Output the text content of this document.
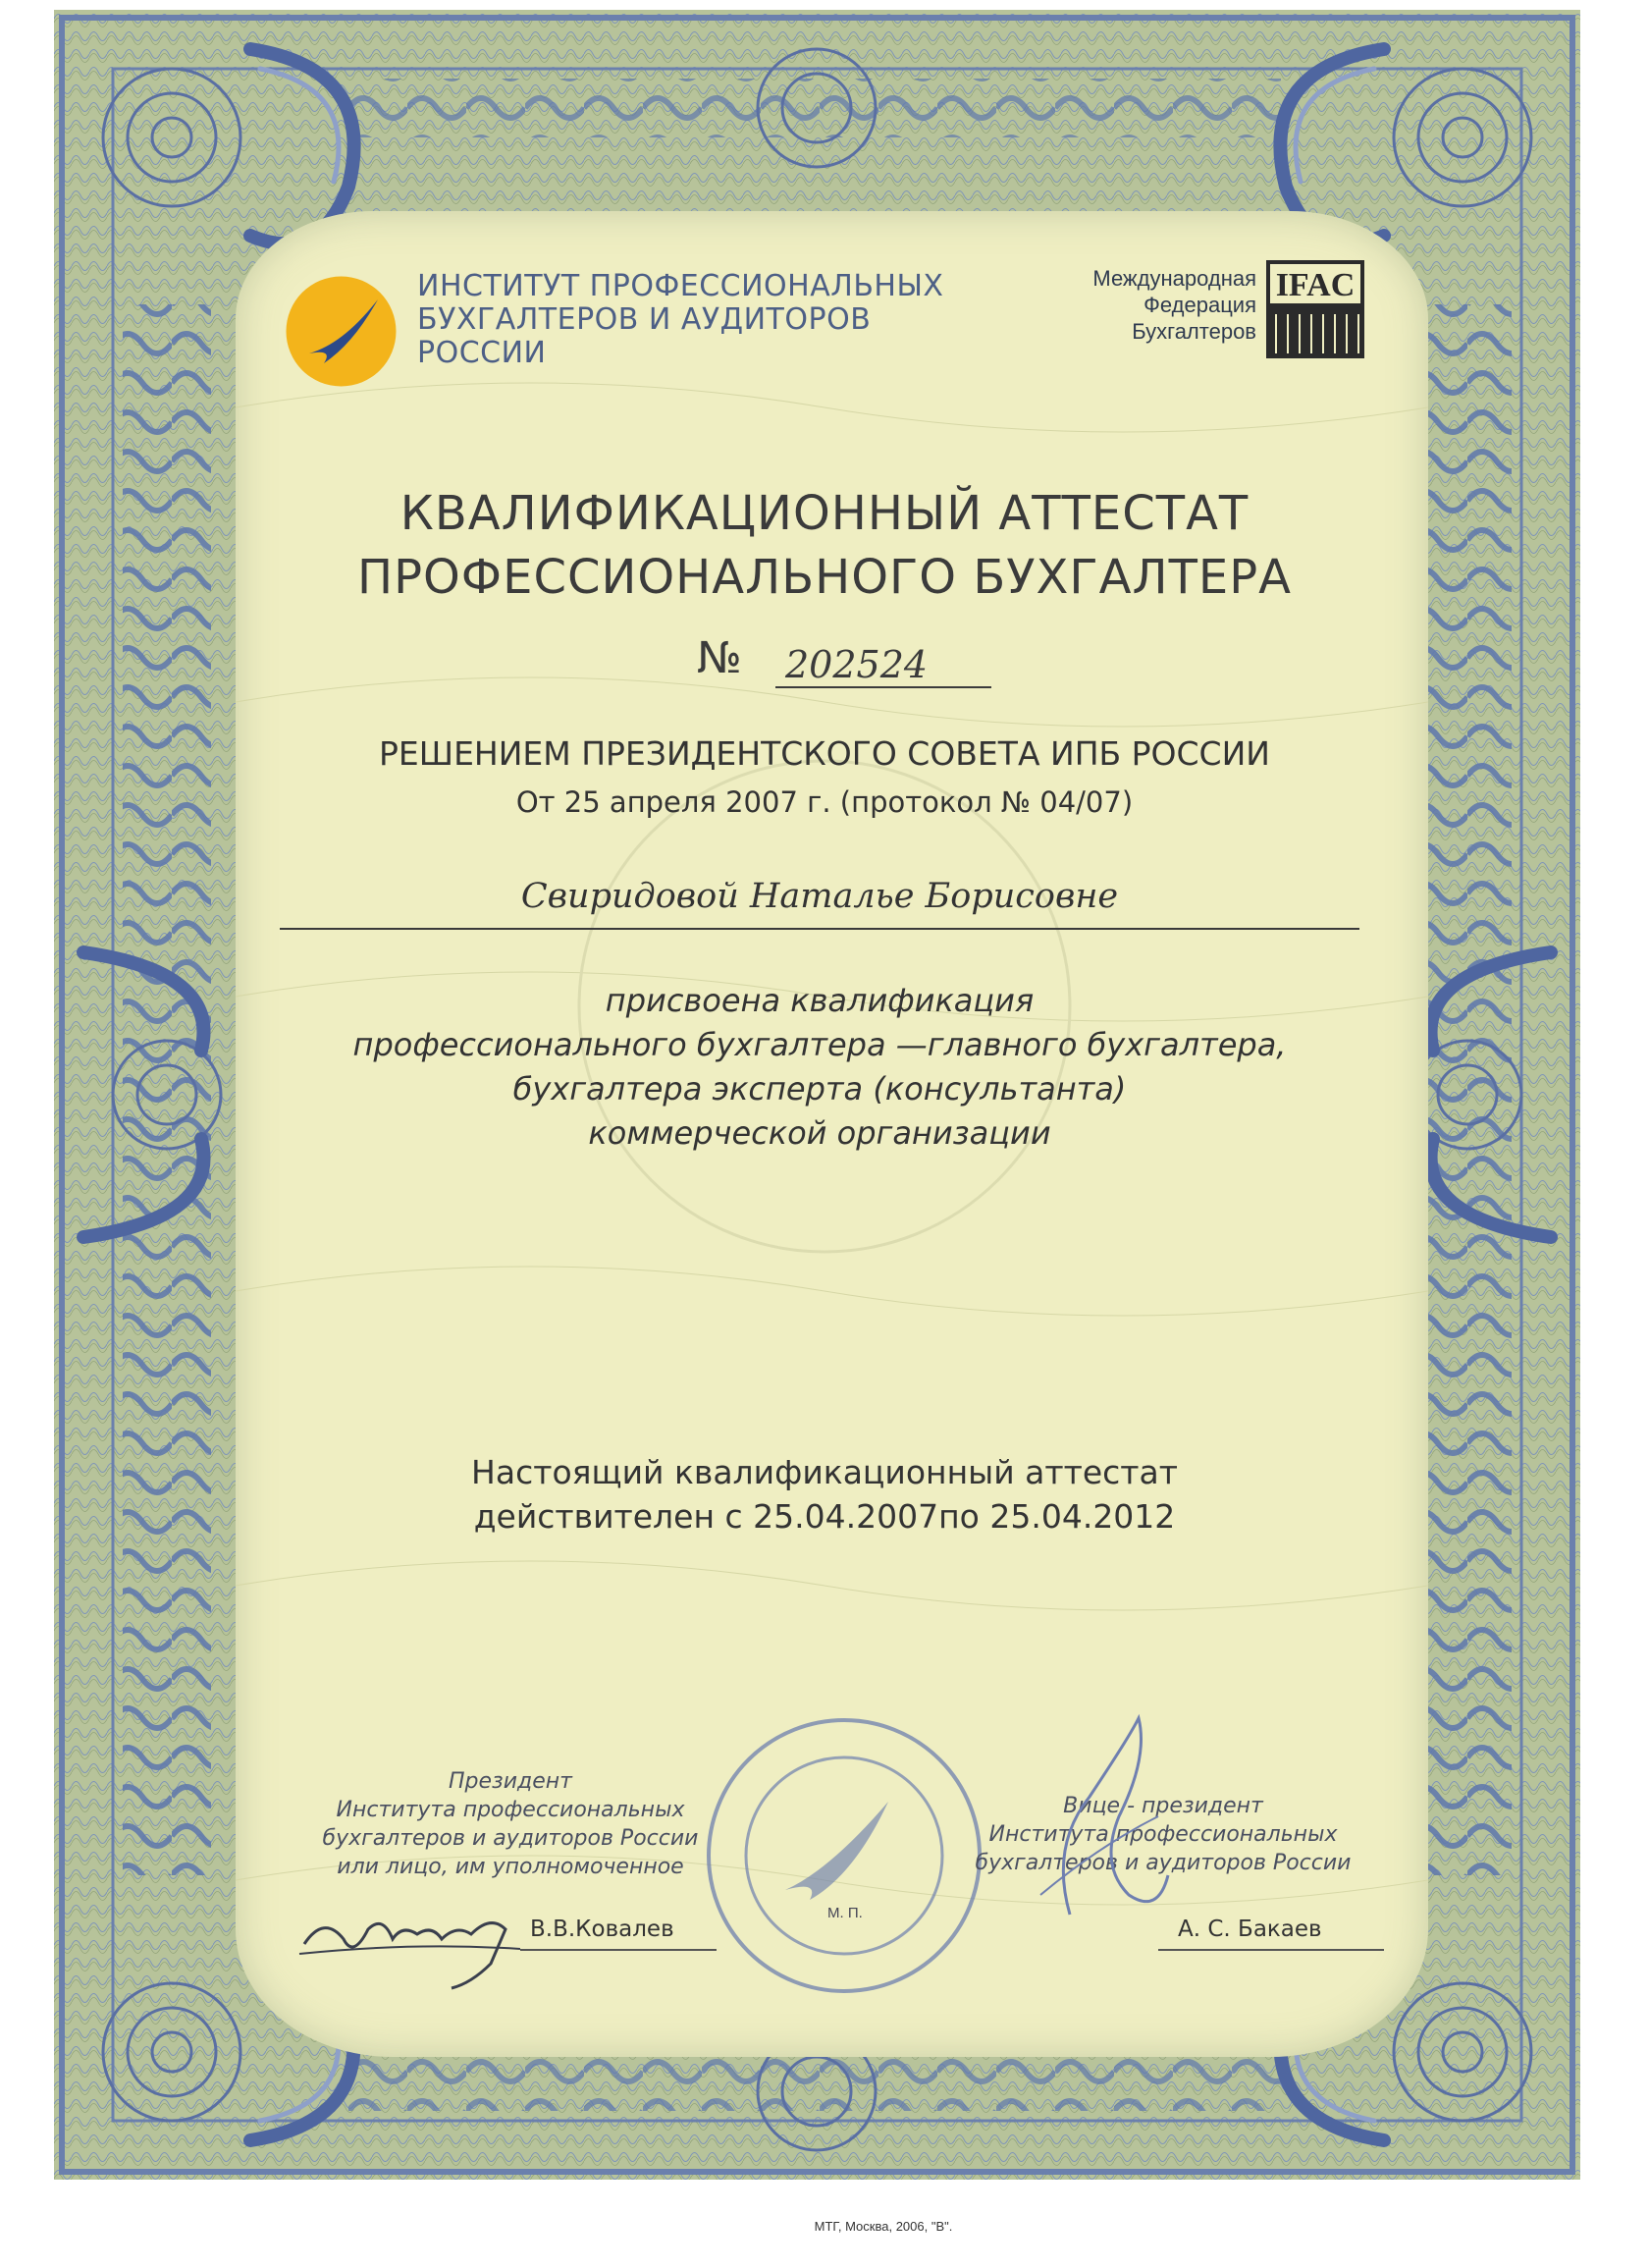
ИНСТИТУТ ПРОФЕССИОНАЛЬНЫХ
БУХГАЛТЕРОВ И АУДИТОРОВ
РОССИИ
Международная
Федерация
Бухгалтеров
IFAC
КВАЛИФИКАЦИОННЫЙ АТТЕСТАТ
ПРОФЕССИОНАЛЬНОГО БУХГАЛТЕРА
№ 202524
РЕШЕНИЕМ ПРЕЗИДЕНТСКОГО СОВЕТА ИПБ РОССИИ
От 25 апреля 2007 г. (протокол № 04/07)
Свиридовой Наталье Борисовне
присвоена квалификация
профессионального бухгалтера —главного бухгалтера,
бухгалтера эксперта (консультанта)
коммерческой организации
Настоящий квалификационный аттестат
действителен с 25.04.2007по 25.04.2012
Президент
Института профессиональных
бухгалтеров и аудиторов России
или лицо, им уполномоченное
В.В.Ковалев
М. П.
Вице - президент
Института профессиональных
бухгалтеров и аудиторов России
А. С. Бакаев
МТГ, Москва, 2006, "В".
